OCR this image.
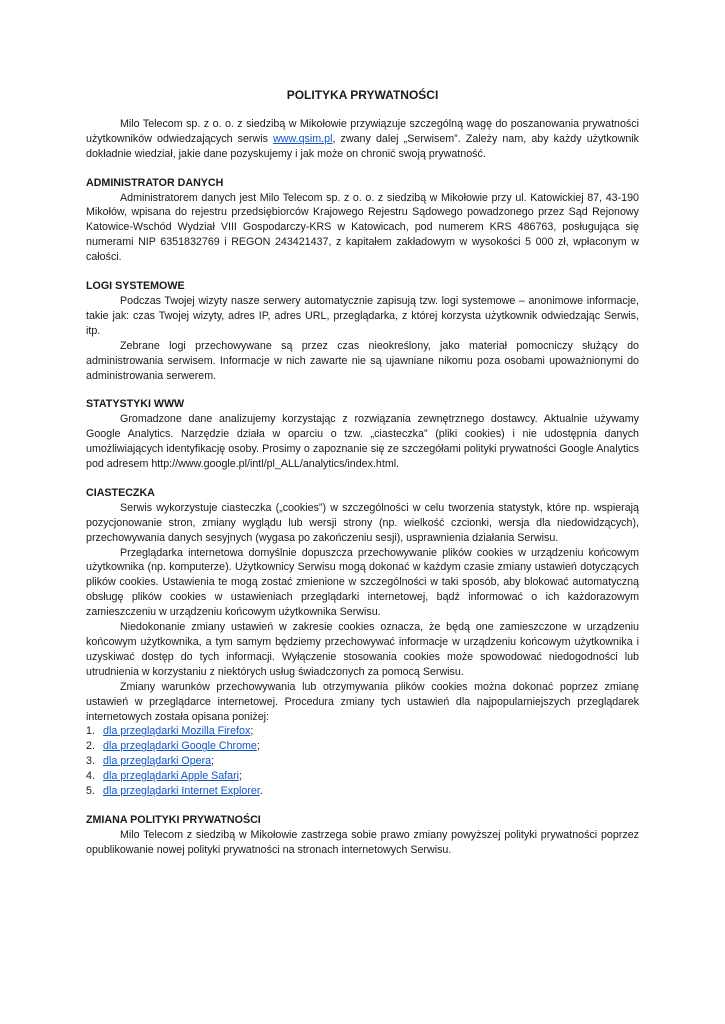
POLITYKA PRYWATNOŚCI

Milo Telecom sp. z o. o. z siedzibą w Mikołowie przywiązuje szczególną wagę do poszanowania prywatności użytkowników odwiedzających serwis www.qsim.pl, zwany dalej „Serwisem”. Zależy nam, aby każdy użytkownik dokładnie wiedział, jakie dane pozyskujemy i jak może on chronić swoją prywatność.

ADMINISTRATOR DANYCH

Administratorem danych jest Milo Telecom sp. z o. o. z siedzibą w Mikołowie przy ul. Katowickiej 87, 43-190 Mikołów, wpisana do rejestru przedsiębiorców Krajowego Rejestru Sądowego powadzonego przez Sąd Rejonowy Katowice-Wschód Wydział VIII Gospodarczy-KRS w Katowicach, pod numerem KRS 486763, posługująca się numerami NIP 6351832769 i REGON 243421437, z kapitałem zakładowym w wysokości 5 000 zł, wpłaconym w całości.

LOGI SYSTEMOWE

Podczas Twojej wizyty nasze serwery automatycznie zapisują tzw. logi systemowe – anonimowe informacje, takie jak: czas Twojej wizyty, adres IP, adres URL, przeglądarka, z której korzysta użytkownik odwiedzając Serwis, itp.

Zebrane logi przechowywane są przez czas nieokreślony, jako materiał pomocniczy służący do administrowania serwisem. Informacje w nich zawarte nie są ujawniane nikomu poza osobami upoważnionymi do administrowania serwerem.

STATYSTYKI WWW

Gromadzone dane analizujemy korzystając z rozwiązania zewnętrznego dostawcy. Aktualnie używamy Google Analytics. Narzędzie działa w oparciu o tzw. „ciasteczka” (pliki cookies) i nie udostępnia danych umożliwiających identyfikację osoby. Prosimy o zapoznanie się ze szczegółami polityki prywatności Google Analytics pod adresem http://www.google.pl/intl/pl_ALL/analytics/index.html.

CIASTECZKA

Serwis wykorzystuje ciasteczka („cookies”) w szczególności w celu tworzenia statystyk, które np. wspierają pozycjonowanie stron, zmiany wyglądu lub wersji strony (np. wielkość czcionki, wersja dla niedowidzących), przechowywania danych sesyjnych (wygasa po zakończeniu sesji), usprawnienia działania Serwisu.

Przeglądarka internetowa domyślnie dopuszcza przechowywanie plików cookies w urządzeniu końcowym użytkownika (np. komputerze). Użytkownicy Serwisu mogą dokonać w każdym czasie zmiany ustawień dotyczących plików cookies. Ustawienia te mogą zostać zmienione w szczególności w taki sposób, aby blokować automatyczną obsługę plików cookies w ustawieniach przeglądarki internetowej, bądź informować o ich każdorazowym zamieszczeniu w urządzeniu końcowym użytkownika Serwisu.

Niedokonanie zmiany ustawień w zakresie cookies oznacza, że będą one zamieszczone w urządzeniu końcowym użytkownika, a tym samym będziemy przechowywać informacje w urządzeniu końcowym użytkownika i uzyskiwać dostęp do tych informacji. Wyłączenie stosowania cookies może spowodować niedogodności lub utrudnienia w korzystaniu z niektórych usług świadczonych za pomocą Serwisu.

Zmiany warunków przechowywania lub otrzymywania plików cookies można dokonać poprzez zmianę ustawień w przeglądarce internetowej. Procedura zmiany tych ustawień dla najpopularniejszych przeglądarek internetowych została opisana poniżej:

1. dla przeglądarki Mozilla Firefox;
2. dla przeglądarki Google Chrome;
3. dla przeglądarki Opera;
4. dla przeglądarki Apple Safari;
5. dla przeglądarki Internet Explorer.
ZMIANA POLITYKI PRYWATNOŚCI

Milo Telecom z siedzibą w Mikołowie zastrzega sobie prawo zmiany powyższej polityki prywatności poprzez opublikowanie nowej polityki prywatności na stronach internetowych Serwisu.
